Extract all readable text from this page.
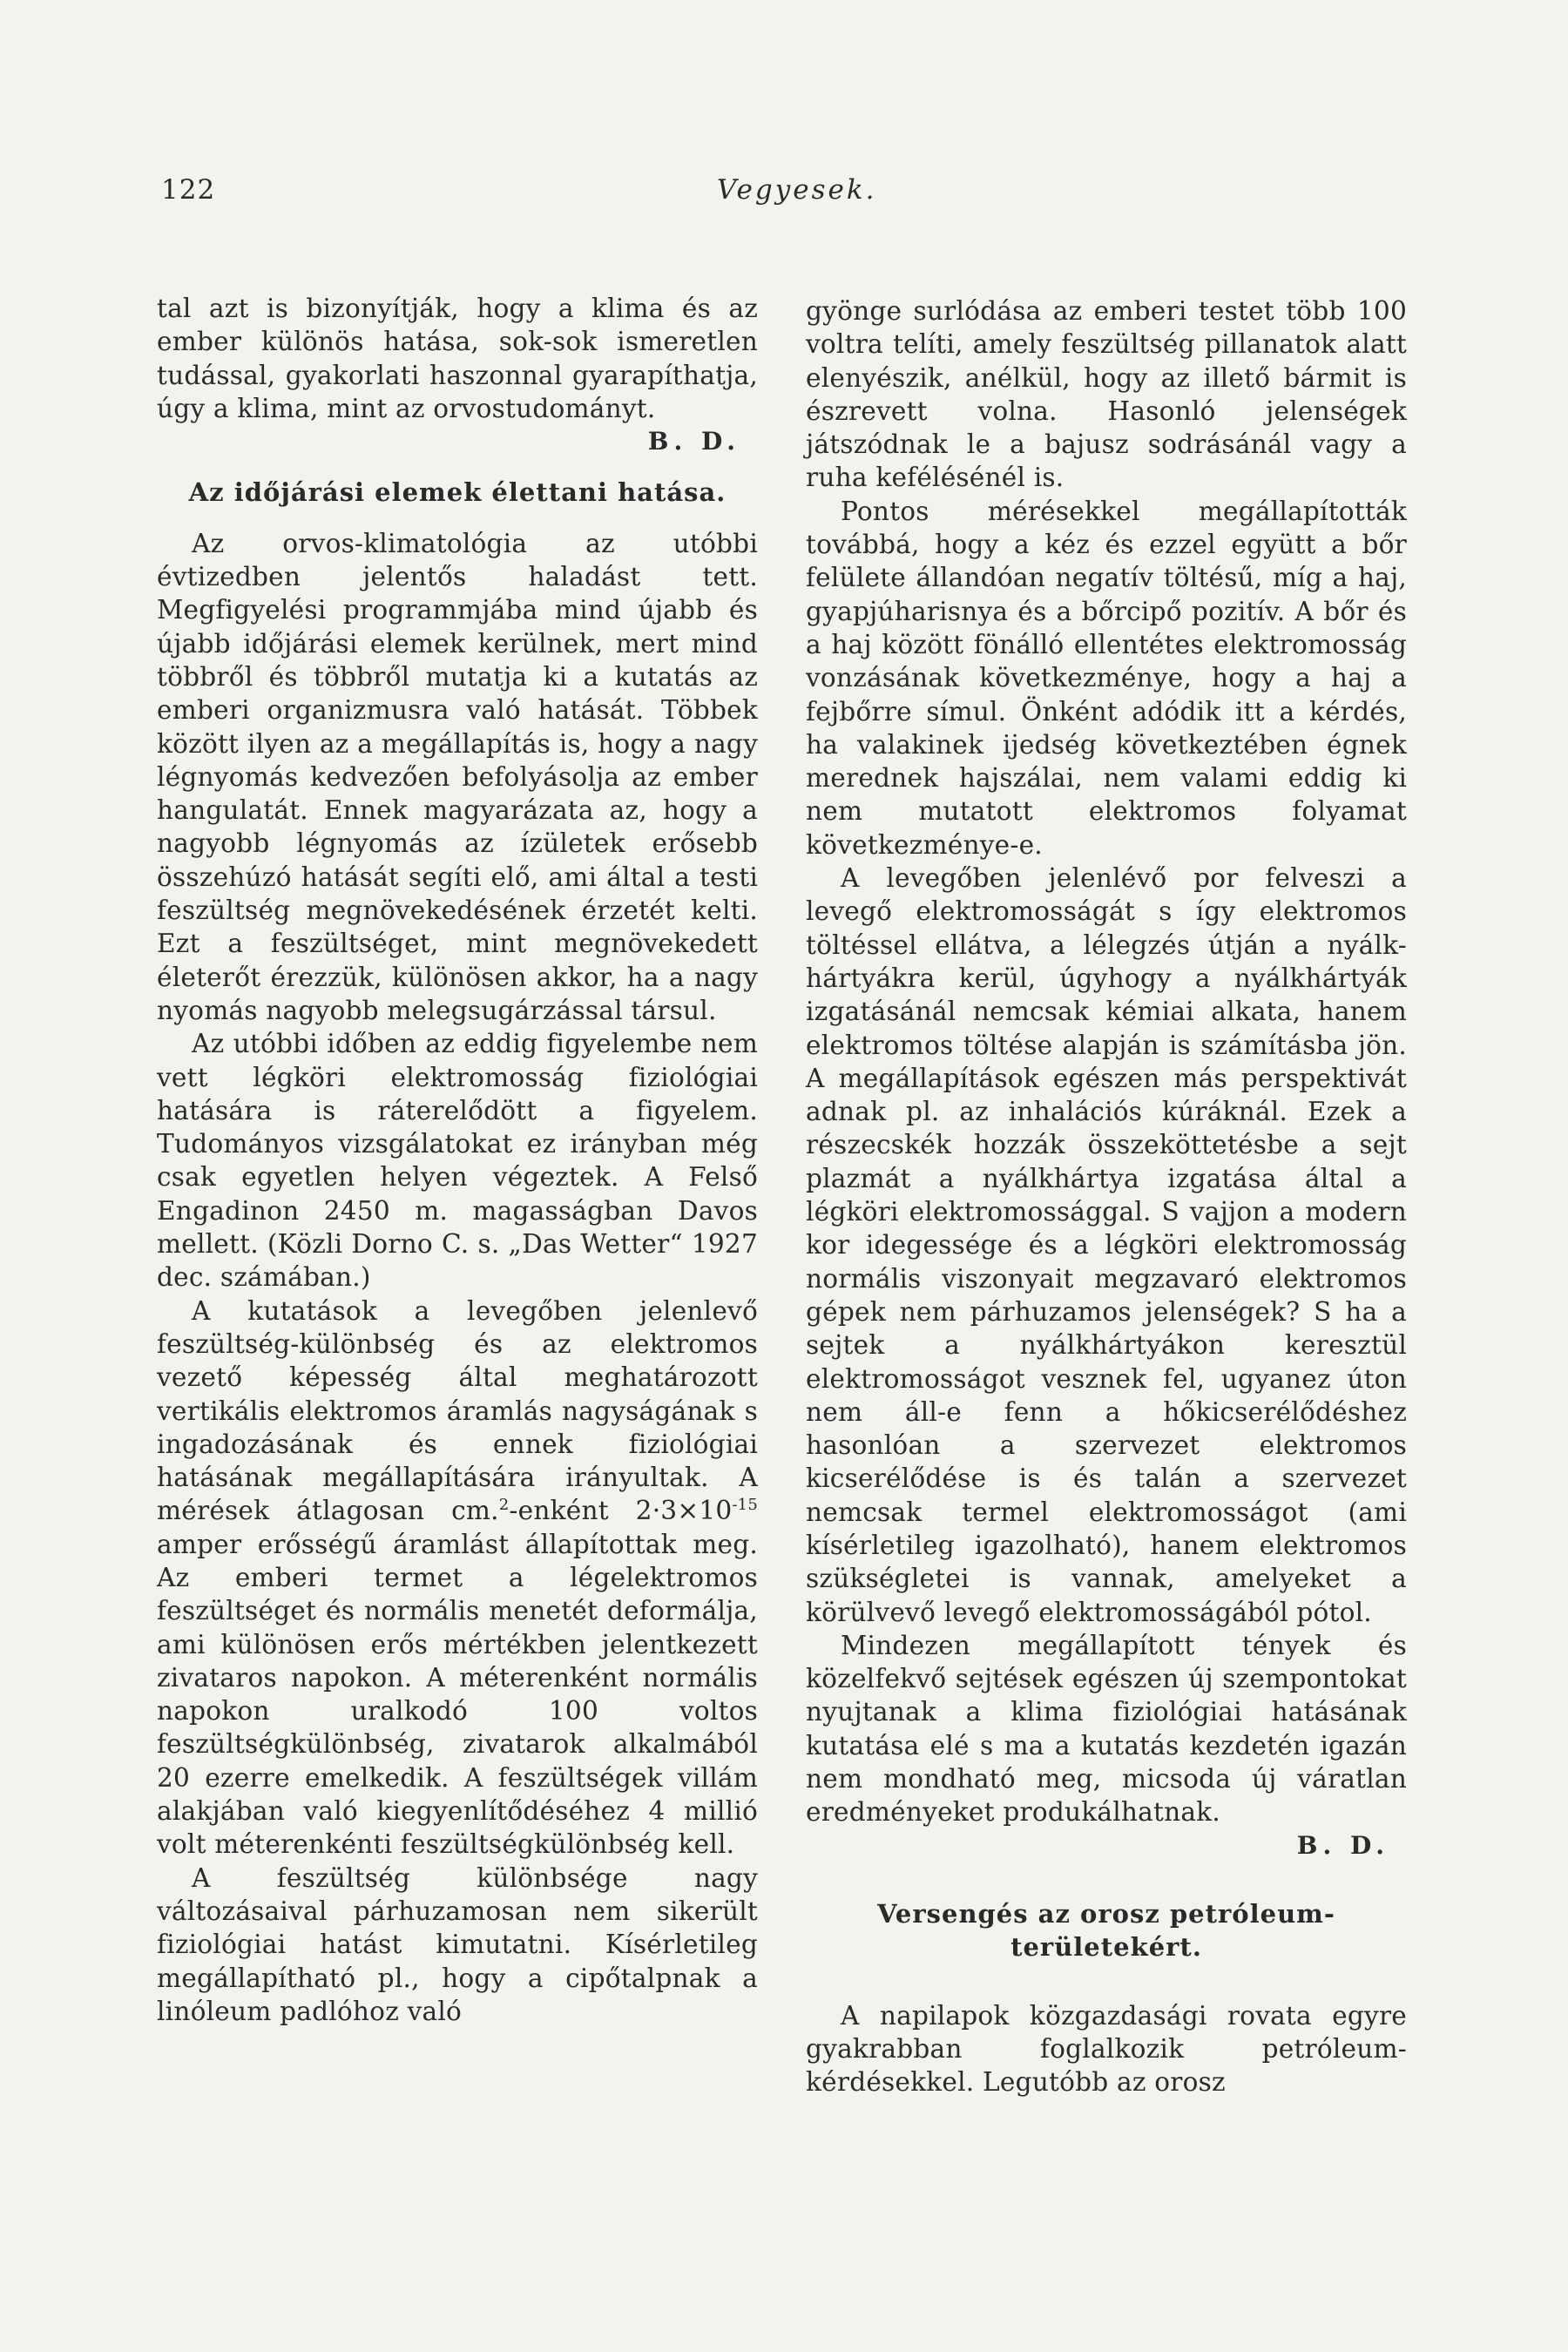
122	Vegyesek.

tal azt is bizonyítják, hogy a klima és az ember különös hatása, sok-sok ismeretlen tudással, gyakorlati haszonnal gyarapíthatja, úgy a klima, mint az orvostudományt.

B. D.
Az időjárási elemek élettani hatása.

Az orvos-klimatológia az utóbbi évtizedben jelentős haladást tett. Megfigyelési programmjába mind újabb és újabb időjárási elemek kerülnek, mert mind többről és többről mutatja ki a kutatás az emberi organizmusra való hatását. Többek között ilyen az a megállapítás is, hogy a nagy légnyomás kedvezően befolyásolja az ember hangulatát. Ennek magyarázata az, hogy a nagyobb légnyomás az ízületek erősebb összehúzó hatását segíti elő, ami által a testi feszültség megnövekedésének érzetét kelti. Ezt a feszültséget, mint megnövekedett életerőt érezzük, különösen akkor, ha a nagy nyomás nagyobb melegsugárzással társul.

Az utóbbi időben az eddig figyelembe nem vett légköri elektromosság fiziológiai hatására is ráterelődött a figyelem. Tudományos vizsgálatokat ez irányban még csak egyetlen helyen végeztek. A Felső Engadinon 2450 m. magasságban Davos mellett. (Közli Dorno C. s. „Das Wetter“ 1927 dec. számában.)

A kutatások a levegőben jelenlevő feszültség-különbség és az elektromos vezető képesség által meghatározott vertikális elektromos áramlás nagyságának s ingadozásának és ennek fiziológiai hatásának megállapítására irányultak. A mérések átlagosan cm.$^2$-enként $2\cdot 3\times 10^{-15}$ amper erősségű áramlást állapítottak meg. Az emberi termet a légelektromos feszültséget és normális menetét deformálja, ami különösen erős mértékben jelentkezett zivataros napokon. A méterenként normális napokon uralkodó 100 voltos feszültségkülönbség, zivatarok alkalmából 20 ezerre emelkedik. A feszültségek villám alakjában való kiegyenlítődéséhez 4 millió volt méterenkénti feszültségkülönbség kell.

A feszültség különbsége nagy változásaival párhuzamosan nem sikerült fiziológiai hatást kimutatni. Kísérletileg megállapítható pl., hogy a cipőtalpnak a linóleum padlóhoz való

gyönge surlódása az emberi testet több 100 voltra telíti, amely feszültség pillanatok alatt elenyészik, anélkül, hogy az illető bármit is észrevett volna. Hasonló jelenségek játszódnak le a bajusz sodrásánál vagy a ruha kefélésénél is.

Pontos mérésekkel megállapították továbbá, hogy a kéz és ezzel együtt a bőr felülete állandóan negatív töltésű, míg a haj, gyapjúharisnya és a bőrcipő pozitív. A bőr és a haj között fönálló ellentétes elektromosság vonzásának következménye, hogy a haj a fejbőrre símul. Önként adódik itt a kérdés, ha valakinek ijedség következtében égnek merednek hajszálai, nem valami eddig ki nem mutatott elektromos folyamat következménye-e.

A levegőben jelenlévő por felveszi a levegő elektromosságát s így elektromos töltéssel ellátva, a lélegzés útján a nyálk-hártyákra kerül, úgyhogy a nyálkhártyák izgatásánál nemcsak kémiai alkata, hanem elektromos töltése alapján is számításba jön. A megállapítások egészen más perspektivát adnak pl. az inhalációs kúráknál. Ezek a részecskék hozzák összeköttetésbe a sejt plazmát a nyálkhártya izgatása által a légköri elektromossággal. S vajjon a modern kor idegessége és a légköri elektromosság normális viszonyait megzavaró elektromos gépek nem párhuzamos jelenségek? S ha a sejtek a nyálkhártyákon keresztül elektromosságot vesznek fel, ugyanez úton nem áll-e fenn a hőkicserélődéshez hasonlóan a szervezet elektromos kicserélődése is és talán a szervezet nemcsak termel elektromosságot (ami kísérletileg igazolható), hanem elektromos szükségletei is vannak, amelyeket a körülvevő levegő elektromosságából pótol.

Mindezen megállapított tények és közelfekvő sejtések egészen új szempontokat nyujtanak a klima fiziológiai hatásának kutatása elé s ma a kutatás kezdetén igazán nem mondható meg, micsoda új váratlan eredményeket produkálhatnak.

B. D.
Versengés az orosz petróleum-területekért.

A napilapok közgazdasági rovata egyre gyakrabban foglalkozik petróleum-kérdésekkel. Legutóbb az orosz
